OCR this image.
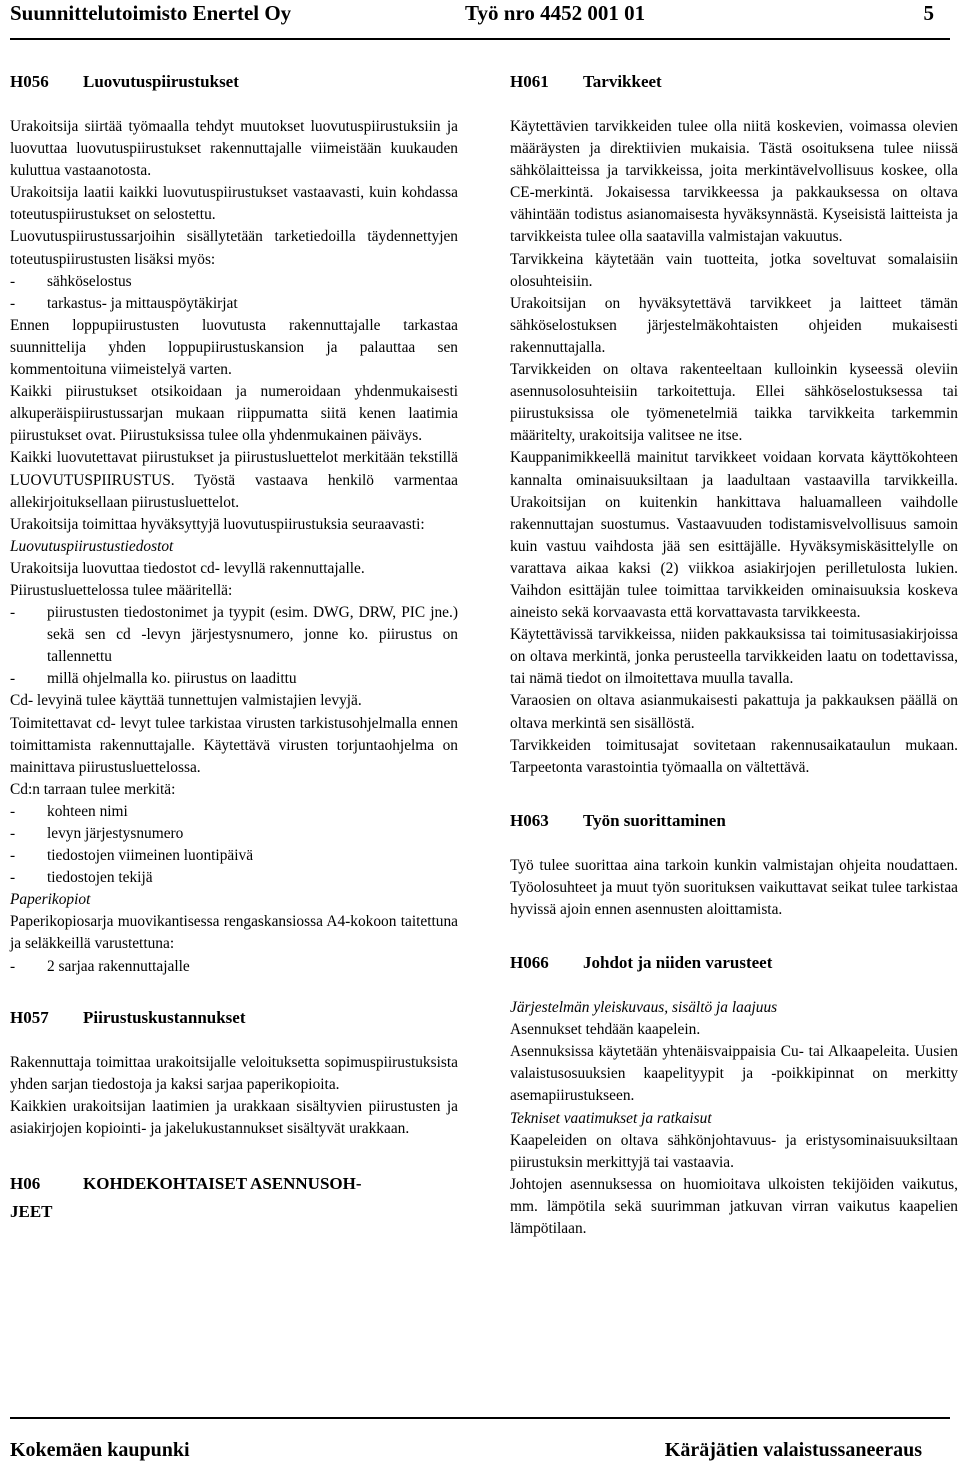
Suunnittelutoimisto Enertel Oy	Työ nro 4452 001 01	5
H056 Luovutuspiirustukset

Urakoitsija siirtää työmaalla tehdyt muutokset luovutuspiirustuksiin ja luovuttaa luovutuspiirustukset rakennuttajalle viimeistään kuukauden kuluttua vastaanotosta.

Urakoitsija laatii kaikki luovutuspiirustukset vastaavasti, kuin kohdassa toteutuspiirustukset on selostettu.

Luovutuspiirustussarjoihin sisällytetään tarketiedoilla täydennettyjen toteutuspiirustusten lisäksi myös:

- sähköselostus

- tarkastus- ja mittauspöytäkirjat

Ennen loppupiirustusten luovutusta rakennuttajalle tarkastaa suunnittelija yhden loppupiirustuskansion ja palauttaa sen kommentoituna viimeistelyä varten.

Kaikki piirustukset otsikoidaan ja numeroidaan yhdenmukaisesti alkuperäispiirustussarjan mukaan riippumatta siitä kenen laatimia piirustukset ovat. Piirustuksissa tulee olla yhdenmukainen päiväys.

Kaikki luovutettavat piirustukset ja piirustusluettelot merkitään tekstillä LUOVUTUSPIIRUSTUS. Työstä vastaava henkilö varmentaa allekirjoituksellaan piirustusluettelot.

Urakoitsija toimittaa hyväksyttyjä luovutuspiirustuksia seuraavasti:

Luovutuspiirustustiedostot

Urakoitsija luovuttaa tiedostot cd- levyllä rakennuttajalle.

Piirustusluettelossa tulee määritellä:

- piirustusten tiedostonimet ja tyypit (esim. DWG, DRW, PIC jne.) sekä sen cd -levyn järjestysnumero, jonne ko. piirustus on tallennettu

- millä ohjelmalla ko. piirustus on laadittu

Cd- levyinä tulee käyttää tunnettujen valmistajien levyjä.

Toimitettavat cd- levyt tulee tarkistaa virusten tarkistusohjelmalla ennen toimittamista rakennuttajalle. Käytettävä virusten torjuntaohjelma on mainittava piirustusluettelossa.

Cd:n tarraan tulee merkitä:

- kohteen nimi

- levyn järjestysnumero

- tiedostojen viimeinen luontipäivä

- tiedostojen tekijä

Paperikopiot

Paperikopiosarja muovikantisessa rengaskansiossa A4-kokoon taitettuna ja seläkkeillä varustettuna:

- 2 sarjaa rakennuttajalle

H057 Piirustuskustannukset

Rakennuttaja toimittaa urakoitsijalle veloituksetta sopimuspiirustuksista yhden sarjan tiedostoja ja kaksi sarjaa paperikopioita.

Kaikkien urakoitsijan laatimien ja urakkaan sisältyvien piirustusten ja asiakirjojen kopiointi- ja jakelukustannukset sisältyvät urakkaan.

H06	KOHDEKOHTAISET ASENNUSOH-
JEET
H061 Tarvikkeet

Käytettävien tarvikkeiden tulee olla niitä koskevien, voimassa olevien määräysten ja direktiivien mukaisia. Tästä osoituksena tulee niissä sähkölaitteissa ja tarvikkeissa, joita merkintävelvollisuus koskee, olla CE-merkintä. Jokaisessa tarvikkeessa ja pakkauksessa on oltava vähintään todistus asianomaisesta hyväksynnästä. Kyseisistä laitteista ja tarvikkeista tulee olla saatavilla valmistajan vakuutus.

Tarvikkeina käytetään vain tuotteita, jotka soveltuvat somalaisiin olosuhteisiin.

Urakoitsijan on hyväksytettävä tarvikkeet ja laitteet tämän sähköselostuksen järjestelmäkohtaisten ohjeiden mukaisesti rakennuttajalla.

Tarvikkeiden on oltava rakenteeltaan kulloinkin kyseessä oleviin asennusolosuhteisiin tarkoitettuja. Ellei sähköselostuksessa tai piirustuksissa ole työmenetelmiä taikka tarvikkeita tarkemmin määritelty, urakoitsija valitsee ne itse.

Kauppanimikkeellä mainitut tarvikkeet voidaan korvata käyttökohteen kannalta ominaisuuksiltaan ja laadultaan vastaavilla tarvikkeilla. Urakoitsijan on kuitenkin hankittava haluamalleen vaihdolle rakennuttajan suostumus. Vastaavuuden todistamisvelvollisuus samoin kuin vastuu vaihdosta jää sen esittäjälle. Hyväksymiskäsittelylle on varattava aikaa kaksi (2) viikkoa asiakirjojen perilletulosta lukien. Vaihdon esittäjän tulee toimittaa tarvikkeiden ominaisuuksia koskeva aineisto sekä korvaavasta että korvattavasta tarvikkeesta.

Käytettävissä tarvikkeissa, niiden pakkauksissa tai toimitusasiakirjoissa on oltava merkintä, jonka perusteella tarvikkeiden laatu on todettavissa, tai nämä tiedot on ilmoitettava muulla tavalla.

Varaosien on oltava asianmukaisesti pakattuja ja pakkauksen päällä on oltava merkintä sen sisällöstä.

Tarvikkeiden toimitusajat sovitetaan rakennusaikataulun mukaan. Tarpeetonta varastointia työmaalla on vältettävä.

H063 Työn suorittaminen

Työ tulee suorittaa aina tarkoin kunkin valmistajan ohjeita noudattaen. Työolosuhteet ja muut työn suorituksen vaikuttavat seikat tulee tarkistaa hyvissä ajoin ennen asennusten aloittamista.

H066 Johdot ja niiden varusteet

Järjestelmän yleiskuvaus, sisältö ja laajuus

Asennukset tehdään kaapelein.

Asennuksissa käytetään yhtenäisvaippaisia Cu- tai Alkaapeleita. Uusien valaistusosuuksien kaapelityypit ja -poikkipinnat on merkitty asemapiirustukseen.

Tekniset vaatimukset ja ratkaisut

Kaapeleiden on oltava sähkönjohtavuus- ja eristysominaisuuksiltaan piirustuksin merkittyjä tai vastaavia.

Johtojen asennuksessa on huomioitava ulkoisten tekijöiden vaikutus, mm. lämpötila sekä suurimman jatkuvan virran vaikutus kaapelien lämpötilaan.

Kokemäen kaupunki	Käräjätien valaistussaneeraus
